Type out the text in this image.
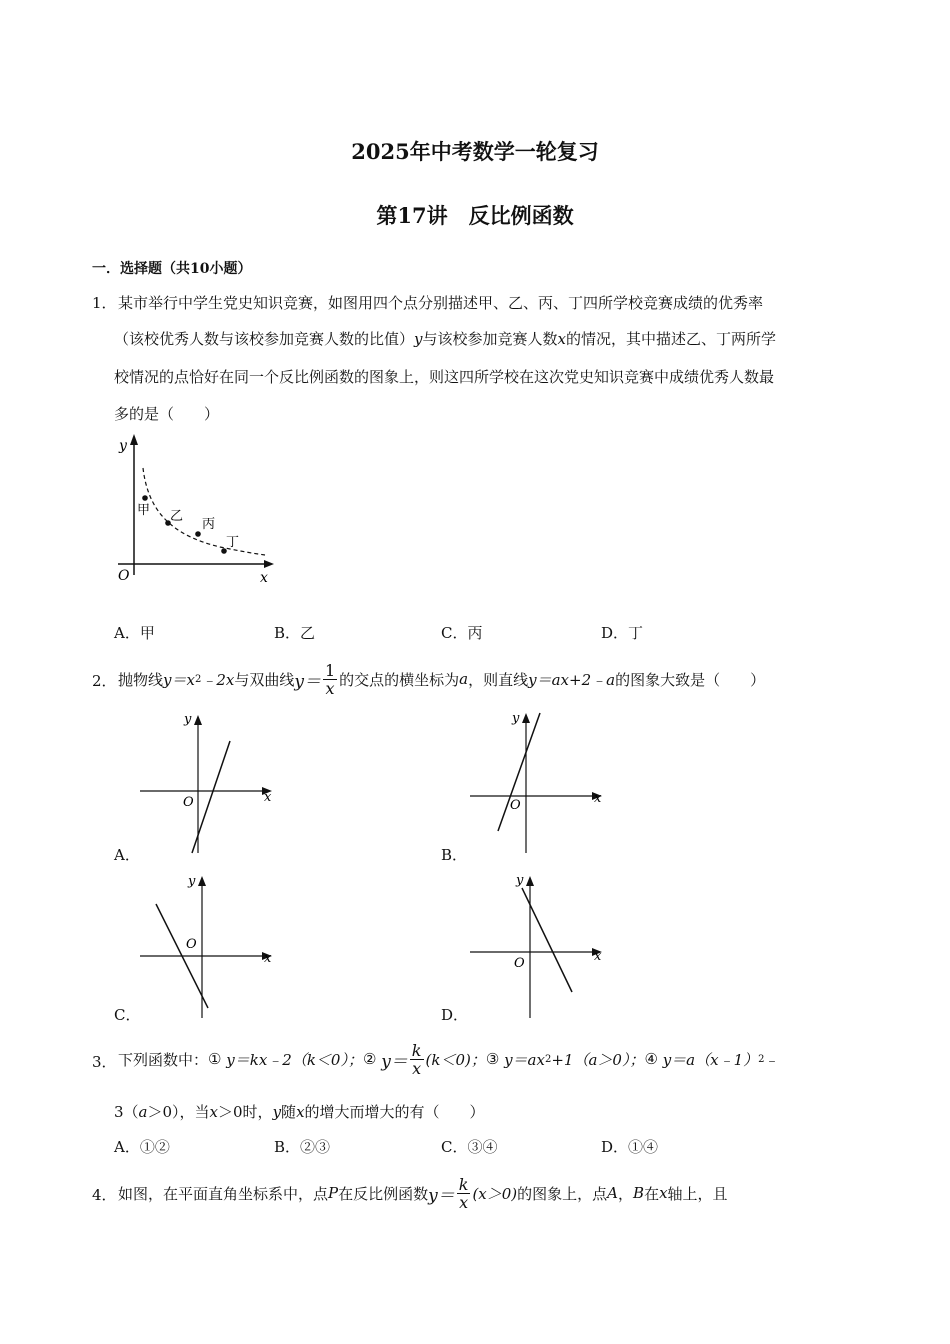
2025年中考数学一轮复习
第17讲　反比例函数
一．选择题（共10小题）
1． 某市举行中学生党史知识竞赛，如图用四个点分别描述甲、乙、丙、丁四所学校竞赛成绩的优秀率
（该校优秀人数与该校参加竞赛人数的比值）y与该校参加竞赛人数x的情况，其中描述乙、丁两所学
校情况的点恰好在同一个反比例函数的图象上，则这四所学校在这次党史知识竞赛中成绩优秀人数最
多的是（　　）
y
x
O
甲 乙
丙
丁
A．甲	B．乙	C．丙	D．丁
2． 抛物线 y＝x 2 ﹣2x 与双曲线 $y= \frac{1}{x}$ 的交点的横坐标为 a ，则直线 y＝ax+2﹣a 的图象大致是（　　）
y
x
O
A．
y
x
O
B．
y
x
O
C．
y
x
O
D．
3． 下列函数中： ①
y＝kx﹣2（k＜0）； ②
$y= \frac{k}{x} (k<0)$； ③
y＝ax 2 +1（a＞0）； ④
y＝a（x﹣1） 2 ﹣
3（a＞0），当x＞0时，y随x的增大而增大的有（　　）
A．①②	B．②③	C．③④	D．①④
4． 如图，在平面直角坐标系中，点 P 在反比例函数 $y= \frac{k}{x} (x>0)$ 的图象上，点 A ， B 在 x 轴上，且
